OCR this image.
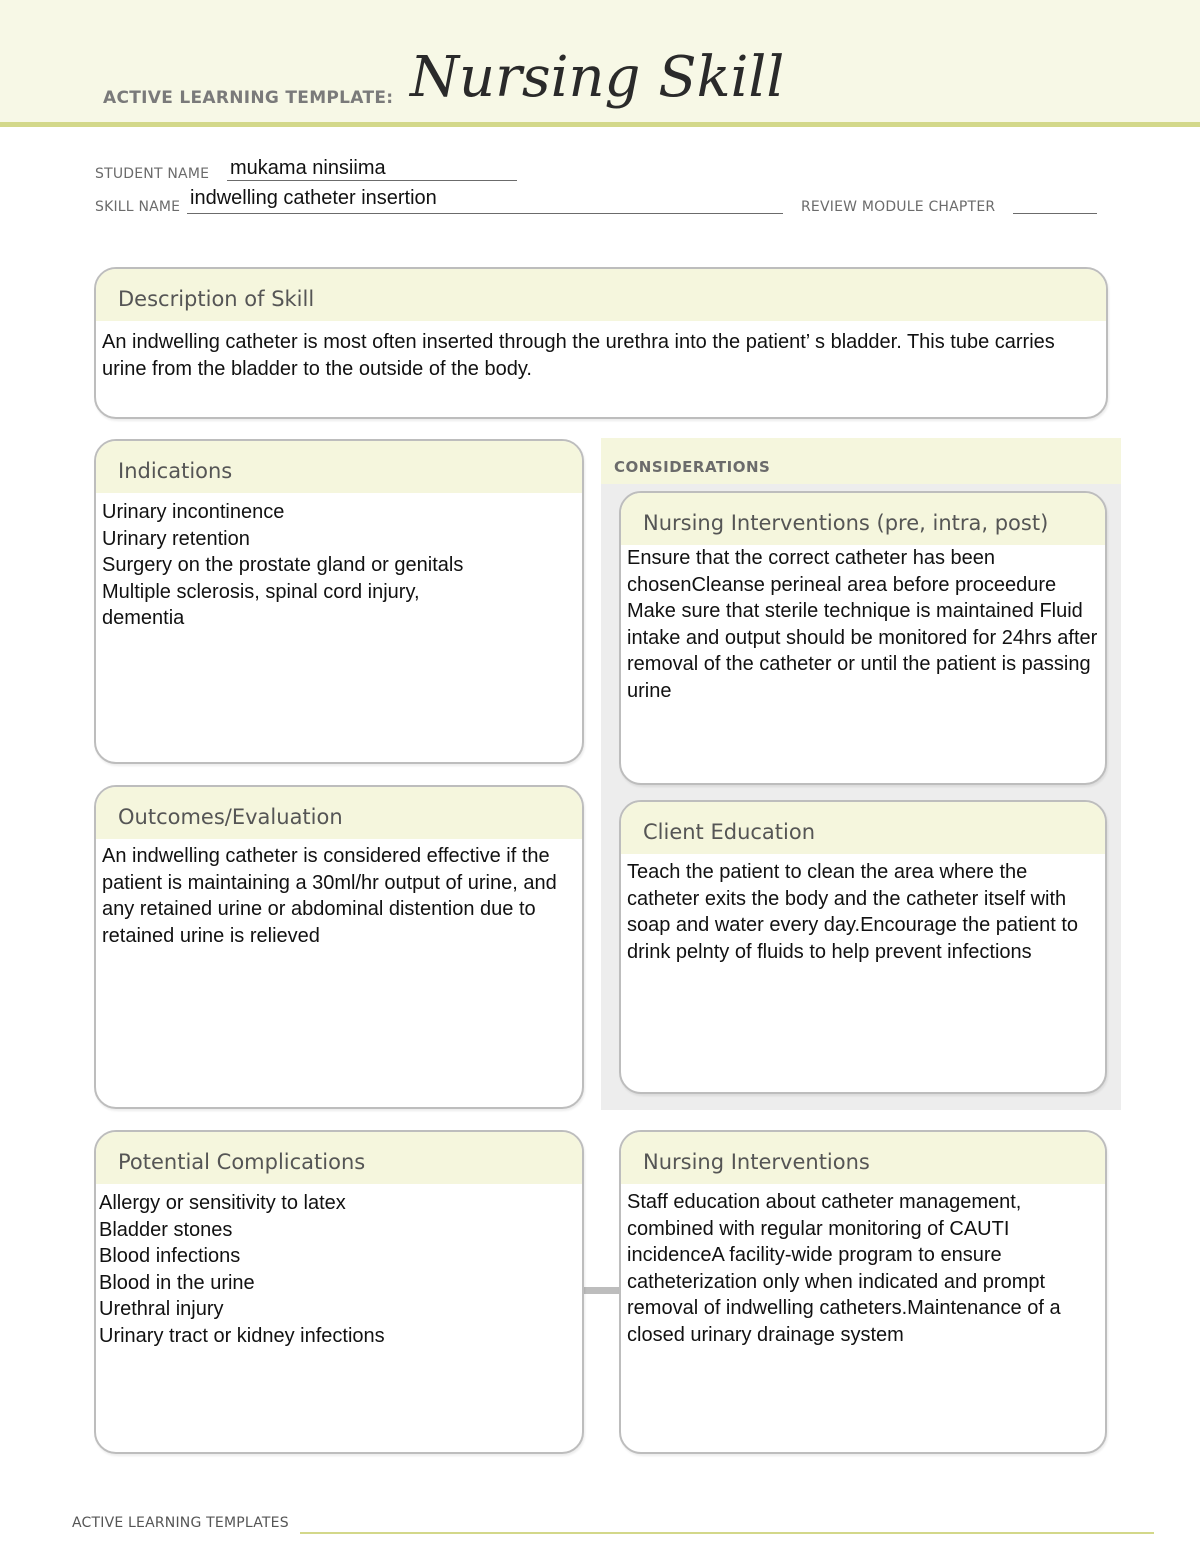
ACTIVE LEARNING TEMPLATE: Nursing Skill
STUDENT NAME mukama ninsiima
SKILL NAME indwelling catheter insertion	REVIEW MODULE CHAPTER
Description of Skill
An indwelling catheter is most often inserted through the urethra into the patient’ s bladder. This tube carries urine from the bladder to the outside of the body.
Indications
Urinary incontinence
Urinary retention
Surgery on the prostate gland or genitals
Multiple sclerosis, spinal cord injury,
dementia
CONSIDERATIONS
Nursing Interventions (pre, intra, post)
Ensure that the correct catheter has been chosenCleanse perineal area before proceedure Make sure that sterile technique is maintained Fluid intake and output should be monitored for 24hrs after removal of the catheter or until the patient is passing urine
Client Education
Teach the patient to clean the area where the catheter exits the body and the catheter itself with soap and water every day.Encourage the patient to drink pelnty of fluids to help prevent infections
Outcomes/Evaluation
An indwelling catheter is considered effective if the patient is maintaining a 30ml/hr output of urine, and any retained urine or abdominal distention due to retained urine is relieved
Potential Complications
Allergy or sensitivity to latex
Bladder stones
Blood infections
Blood in the urine
Urethral injury
Urinary tract or kidney infections
Nursing Interventions
Staff education about catheter management, combined with regular monitoring of CAUTI incidenceA facility-wide program to ensure catheterization only when indicated and prompt removal of indwelling catheters.Maintenance of a closed urinary drainage system
ACTIVE LEARNING TEMPLATES
